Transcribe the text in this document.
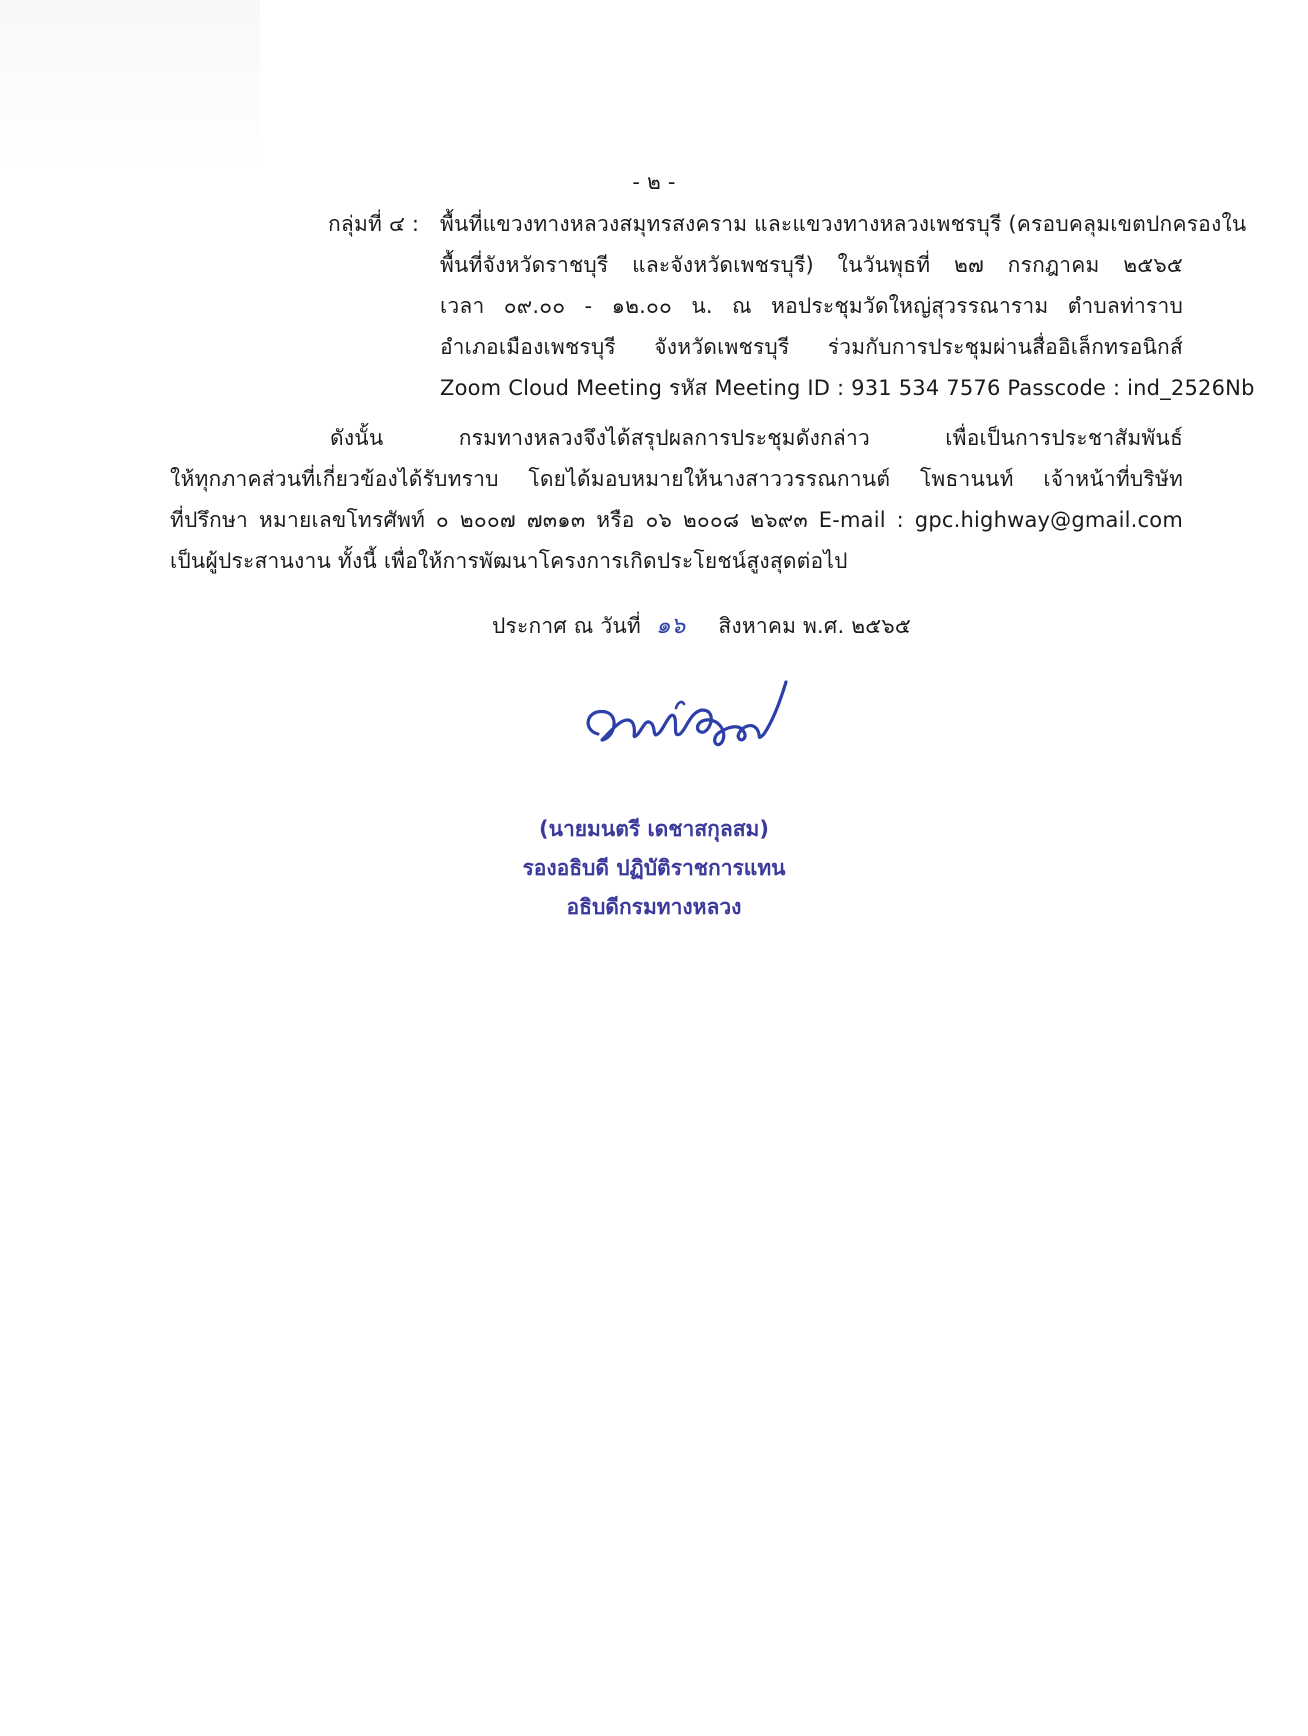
- ๒ -
กลุ่มที่ ๔ : พื้นที่แขวงทางหลวงสมุทรสงคราม และแขวงทางหลวงเพชรบุรี (ครอบคลุมเขตปกครองใน
พื้นที่จังหวัดราชบุรี และจังหวัดเพชรบุรี) ในวันพุธที่ ๒๗ กรกฎาคม ๒๕๖๕
เวลา ๐๙.๐๐ - ๑๒.๐๐ น. ณ หอประชุมวัดใหญ่สุวรรณาราม ตำบลท่าราบ
อำเภอเมืองเพชรบุรี จังหวัดเพชรบุรี ร่วมกับการประชุมผ่านสื่ออิเล็กทรอนิกส์
Zoom Cloud Meeting รหัส Meeting ID : 931 534 7576 Passcode : ind_2526Nb
ดังนั้น กรมทางหลวงจึงได้สรุปผลการประชุมดังกล่าว เพื่อเป็นการประชาสัมพันธ์
ให้ทุกภาคส่วนที่เกี่ยวข้องได้รับทราบ โดยได้มอบหมายให้นางสาววรรณกานต์ โพธานนท์ เจ้าหน้าที่บริษัท
ที่ปรึกษา หมายเลขโทรศัพท์ ๐ ๒๐๐๗ ๗๓๑๓ หรือ ๐๖ ๒๐๐๘ ๒๖๙๓ E-mail : gpc.highway@gmail.com
เป็นผู้ประสานงาน ทั้งนี้ เพื่อให้การพัฒนาโครงการเกิดประโยชน์สูงสุดต่อไป
ประกาศ ณ วันที่ ๑๖ สิงหาคม พ.ศ. ๒๕๖๕
(นายมนตรี เดชาสกุลสม)
รองอธิบดี ปฏิบัติราชการแทน
อธิบดีกรมทางหลวง
